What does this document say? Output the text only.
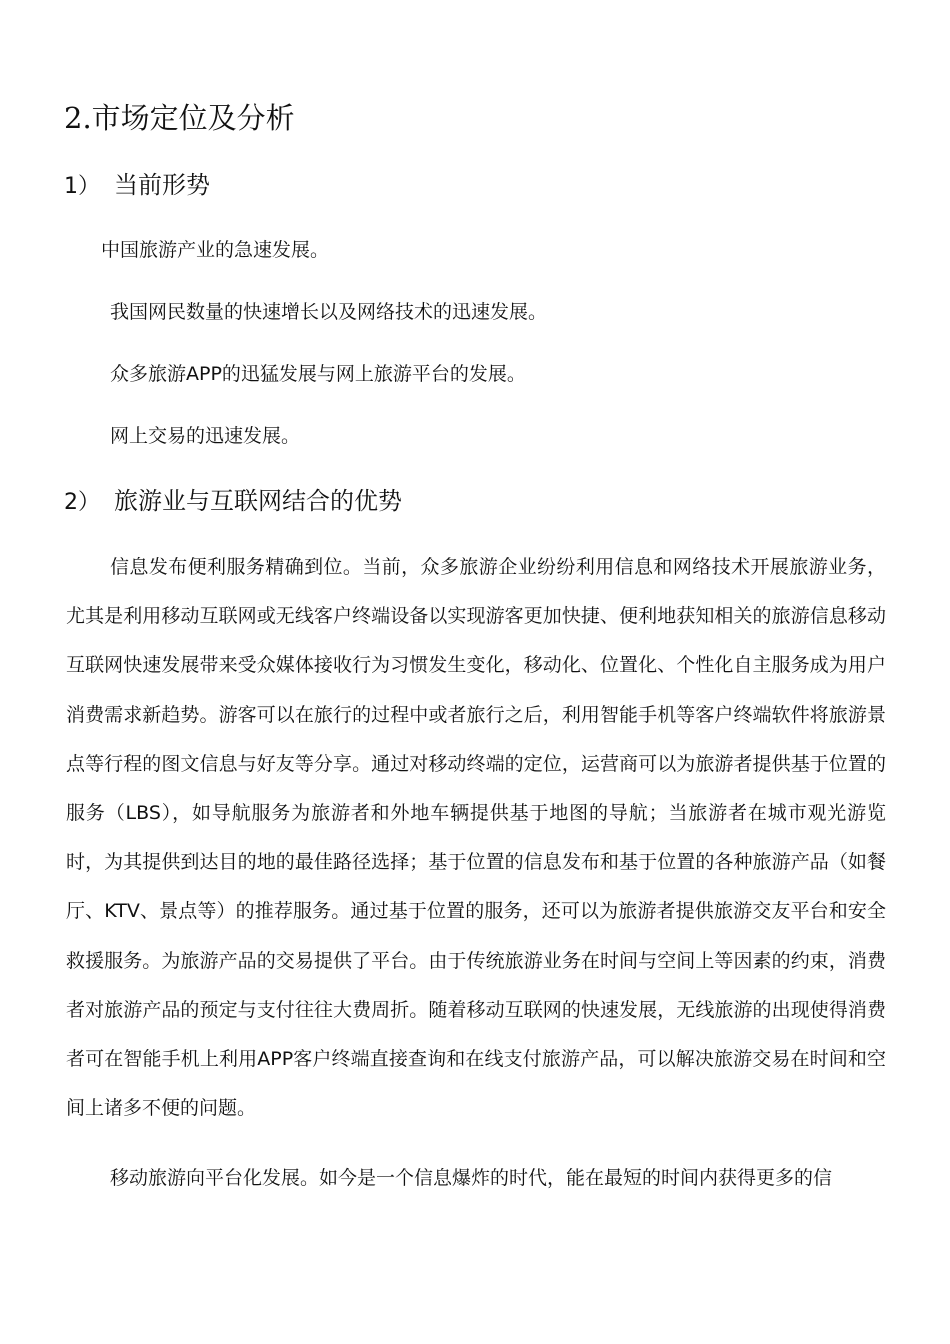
2.市场定位及分析
1） 当前形势
中国旅游产业的急速发展。
我国网民数量的快速增长以及网络技术的迅速发展。
众多旅游APP的迅猛发展与网上旅游平台的发展。
网上交易的迅速发展。
2） 旅游业与互联网结合的优势

信息发布便利服务精确到位。当前，众多旅游企业纷纷利用信息和网络技术开展旅游业务，尤其是利用移动互联网或无线客户终端设备以实现游客更加快捷、便利地获知相关的旅游信息移动互联网快速发展带来受众媒体接收行为习惯发生变化，移动化、位置化、个性化自主服务成为用户消费需求新趋势。游客可以在旅行的过程中或者旅行之后，利用智能手机等客户终端软件将旅游景点等行程的图文信息与好友等分享。通过对移动终端的定位，运营商可以为旅游者提供基于位置的服务（LBS），如导航服务为旅游者和外地车辆提供基于地图的导航；当旅游者在城市观光游览时，为其提供到达目的地的最佳路径选择；基于位置的信息发布和基于位置的各种旅游产品（如餐厅、KTV、景点等）的推荐服务。通过基于位置的服务，还可以为旅游者提供旅游交友平台和安全救援服务。为旅游产品的交易提供了平台。由于传统旅游业务在时间与空间上等因素的约束，消费者对旅游产品的预定与支付往往大费周折。随着移动互联网的快速发展，无线旅游的出现使得消费者可在智能手机上利用APP客户终端直接查询和在线支付旅游产品，可以解决旅游交易在时间和空间上诸多不便的问题。

移动旅游向平台化发展。如今是一个信息爆炸的时代，能在最短的时间内获得更多的信
